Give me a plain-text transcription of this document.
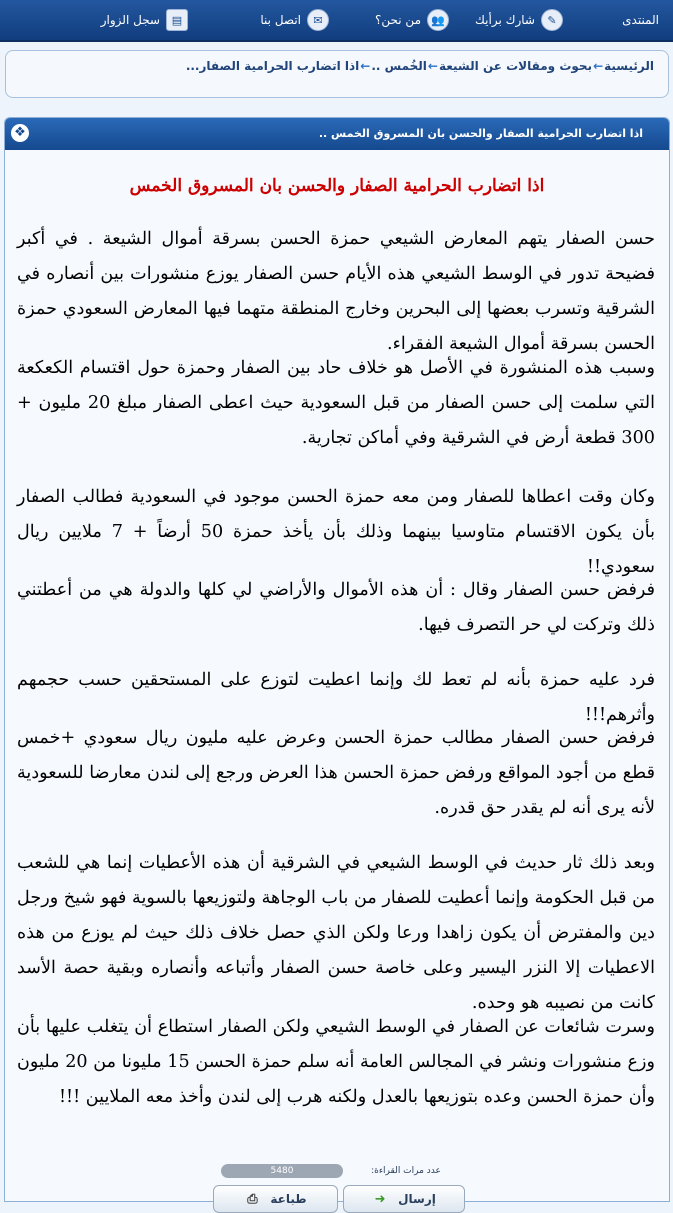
المنتدى
✎
شارك برأيك
👥
من نحن؟
✉
اتصل بنا
▤
سجل الزوار
الرئيسية←بحوث ومقالات عن الشيعة←الخُمس ..←اذا اتضارب الحرامية الصفار...
❖	اذا اتضارب الحرامية الصفار والحسن بان المسروق الخمس ..
اذا اتضارب الحرامية الصفار والحسن بان المسروق الخمس
حسن الصفار يتهم المعارض الشيعي حمزة الحسن بسرقة أموال الشيعة . في أكبر فضيحة تدور في الوسط الشيعي هذه الأيام حسن الصفار يوزع منشورات بين أنصاره في الشرقية وتسرب بعضها إلى البحرين وخارج المنطقة متهما فيها المعارض السعودي حمزة الحسن بسرقة أموال الشيعة الفقراء.
وسبب هذه المنشورة في الأصل هو خلاف حاد بين الصفار وحمزة حول اقتسام الكعكعة التي سلمت إلى حسن الصفار من قبل السعودية حيث اعطى الصفار مبلغ 20 مليون + 300 قطعة أرض في الشرقية وفي أماكن تجارية.
وكان وقت اعطاها للصفار ومن معه حمزة الحسن موجود في السعودية فطالب الصفار بأن يكون الاقتسام متاوسيا بينهما وذلك بأن يأخذ حمزة 50 أرضاً + 7 ملايين ريال سعودي!!
فرفض حسن الصفار وقال : أن هذه الأموال والأراضي لي كلها والدولة هي من أعطتني ذلك وتركت لي حر التصرف فيها.
فرد عليه حمزة بأنه لم تعط لك وإنما اعطيت لتوزع على المستحقين حسب حجمهم وأثرهم!!!
فرفض حسن الصفار مطالب حمزة الحسن وعرض عليه مليون ريال سعودي +خمس قطع من أجود المواقع ورفض حمزة الحسن هذا العرض ورجع إلى لندن معارضا للسعودية لأنه يرى أنه لم يقدر حق قدره.
وبعد ذلك ثار حديث في الوسط الشيعي في الشرقية أن هذه الأعطيات إنما هي للشعب من قبل الحكومة وإنما أعطيت للصفار من باب الوجاهة ولتوزيعها بالسوية فهو شيخ ورجل دين والمفترض أن يكون زاهدا ورعا ولكن الذي حصل خلاف ذلك حيث لم يوزع من هذه الاعطيات إلا النزر اليسير وعلى خاصة حسن الصفار وأتباعه وأنصاره وبقية حصة الأسد كانت من نصيبه هو وحده.
وسرت شائعات عن الصفار في الوسط الشيعي ولكن الصفار استطاع أن يتغلب عليها بأن وزع منشورات ونشر في المجالس العامة أنه سلم حمزة الحسن 15 مليونا من 20 مليون وأن حمزة الحسن وعده بتوزيعها بالعدل ولكنه هرب إلى لندن وأخذ معه الملايين !!!
عدد مرات القراءة:
5480
إرسال
➜
طباعة
⎙
